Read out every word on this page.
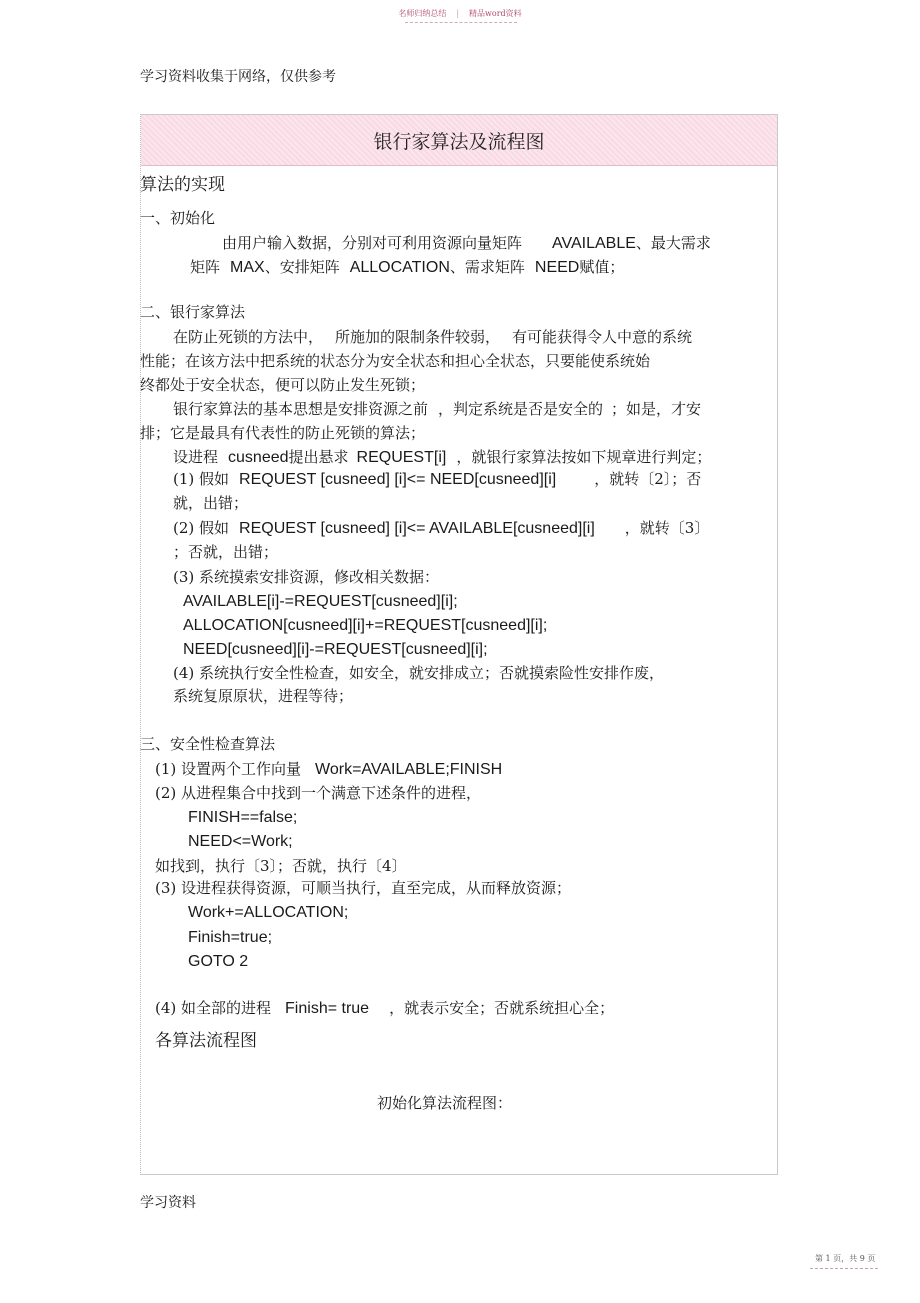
名师归纳总结 | 精品word资料
学习资料收集于网络，仅供参考
银行家算法及流程图
算法的实现
一、初始化
由用户输入数据，分别对可利用资源向量矩阵 AVAILABLE、最大需求
矩阵 MAX、安排矩阵 ALLOCATION、需求矩阵 NEED赋值；
二、银行家算法
在防止死锁的方法中， 所施加的限制条件较弱， 有可能获得令人中意的系统
性能；在该方法中把系统的状态分为安全状态和担心全状态，只要能使系统始
终都处于安全状态，便可以防止发生死锁；
银行家算法的基本思想是安排资源之前 ，判定系统是否是安全的 ；如是，才安
排；它是最具有代表性的防止死锁的算法；
设进程 cusneed提出悬求 REQUEST[i] ，就银行家算法按如下规章进行判定；
(1) 假如 REQUEST [cusneed] [i]<= NEED[cusneed][i]	，就转〔2〕；否
就，出错；
(2) 假如 REQUEST [cusneed] [i]<= AVAILABLE[cusneed][i] ，就转〔3〕
；否就，出错；
(3) 系统摸索安排资源，修改相关数据：
AVAILABLE[i]-=REQUEST[cusneed][i];
ALLOCATION[cusneed][i]+=REQUEST[cusneed][i];
NEED[cusneed][i]-=REQUEST[cusneed][i];
(4) 系统执行安全性检查，如安全，就安排成立；否就摸索险性安排作废，
系统复原原状，进程等待；
三、安全性检查算法
(1) 设置两个工作向量 Work=AVAILABLE;FINISH
(2) 从进程集合中找到一个满意下述条件的进程，
FINISH==false;
NEED<=Work;
如找到，执行〔3〕；否就，执行〔4〕
(3) 设进程获得资源，可顺当执行，直至完成，从而释放资源；
Work+=ALLOCATION;
Finish=true;
GOTO 2
(4) 如全部的进程 Finish= true ，就表示安全；否就系统担心全；
各算法流程图
初始化算法流程图：
学习资料
第 1 页，共 9 页
